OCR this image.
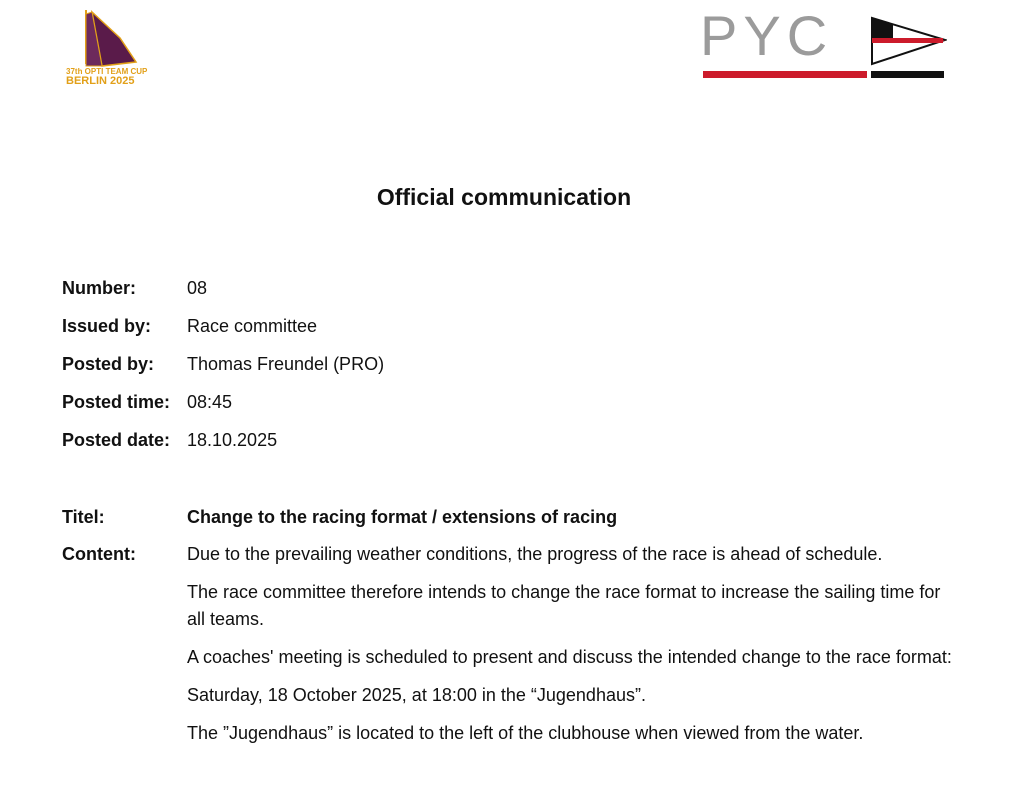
37th OPTI TEAM CUP
BERLIN 2025
PYC
Official communication
Number:	08
Issued by: Race committee
Posted by: Thomas Freundel (PRO)
Posted time: 08:45
Posted date: 18.10.2025
Titel:	Change to the racing format / extensions of racing
Content:	Due to the prevailing weather conditions, the progress of the race is ahead of schedule.

The race committee therefore intends to change the race format to increase the sailing time for all teams.

A coaches' meeting is scheduled to present and discuss the intended change to the race format:

Saturday, 18 October 2025, at 18:00 in the “Jugendhaus”.

The ”Jugendhaus” is located to the left of the clubhouse when viewed from the water.
